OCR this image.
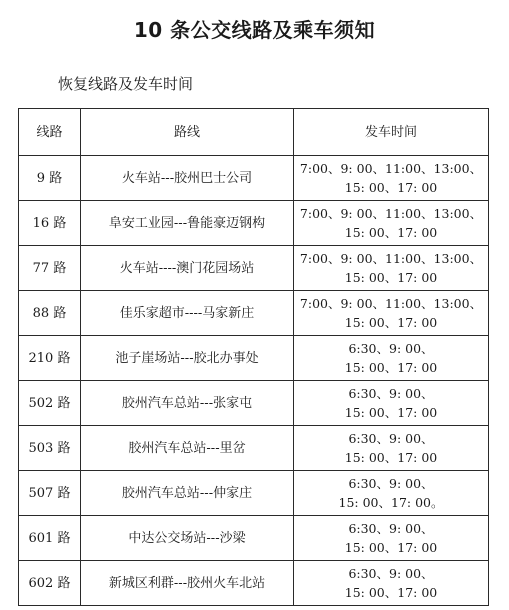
10 条公交线路及乘车须知
恢复线路及发车时间
线路	路线	发车时间
9 路	火车站---胶州巴士公司	7:00、9: 00、11:00、13:00、
15: 00、17: 00

16 路	阜安工业园---鲁能豪迈钢构	7:00、9: 00、11:00、13:00、
15: 00、17: 00

77 路	火车站----澳门花园场站	7:00、9: 00、11:00、13:00、
15: 00、17: 00

88 路	佳乐家超市----马家新庄	7:00、9: 00、11:00、13:00、
15: 00、17: 00

210 路	池子崖场站---胶北办事处	6:30、9: 00、
15: 00、17: 00

502 路	胶州汽车总站---张家屯	6:30、9: 00、
15: 00、17: 00

503 路	胶州汽车总站---里岔	6:30、9: 00、
15: 00、17: 00

507 路	胶州汽车总站---仲家庄	6:30、9: 00、
15: 00、17: 00。

601 路	中达公交场站---沙梁	6:30、9: 00、
15: 00、17: 00

602 路	新城区利群---胶州火车北站	6:30、9: 00、
15: 00、17: 00
